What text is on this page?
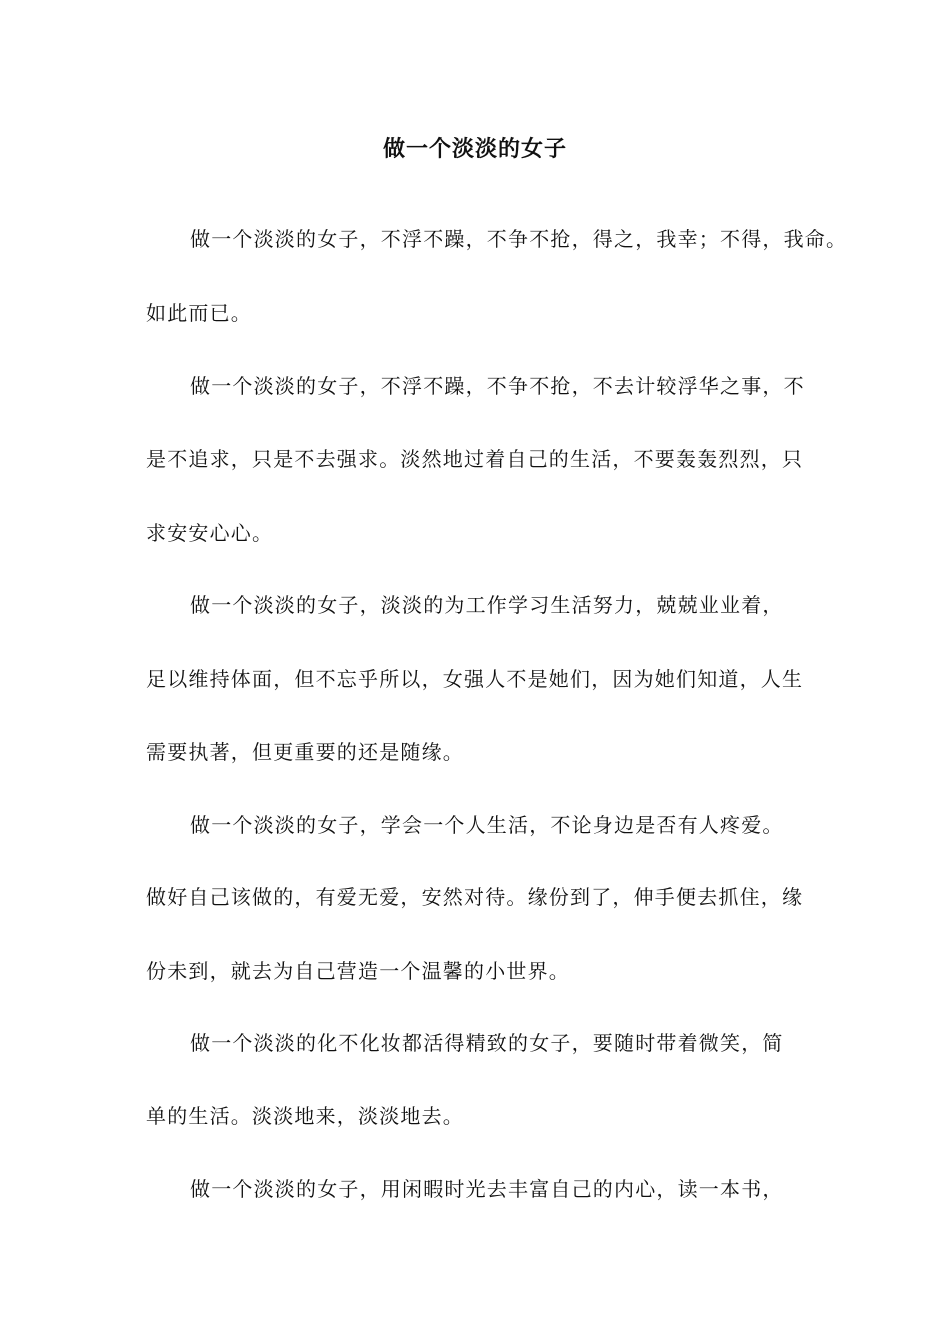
做一个淡淡的女子
做一个淡淡的女子，不浮不躁，不争不抢，得之，我幸；不得，我命。
如此而已。
做一个淡淡的女子，不浮不躁，不争不抢，不去计较浮华之事，不
是不追求，只是不去强求。淡然地过着自己的生活，不要轰轰烈烈，只
求安安心心。
做一个淡淡的女子，淡淡的为工作学习生活努力，兢兢业业着，
足以维持体面，但不忘乎所以，女强人不是她们，因为她们知道，人生
需要执著，但更重要的还是随缘。
做一个淡淡的女子，学会一个人生活，不论身边是否有人疼爱。
做好自己该做的，有爱无爱，安然对待。缘份到了，伸手便去抓住，缘
份未到，就去为自己营造一个温馨的小世界。
做一个淡淡的化不化妆都活得精致的女子，要随时带着微笑，简
单的生活。淡淡地来，淡淡地去。
做一个淡淡的女子，用闲暇时光去丰富自己的内心，读一本书，
